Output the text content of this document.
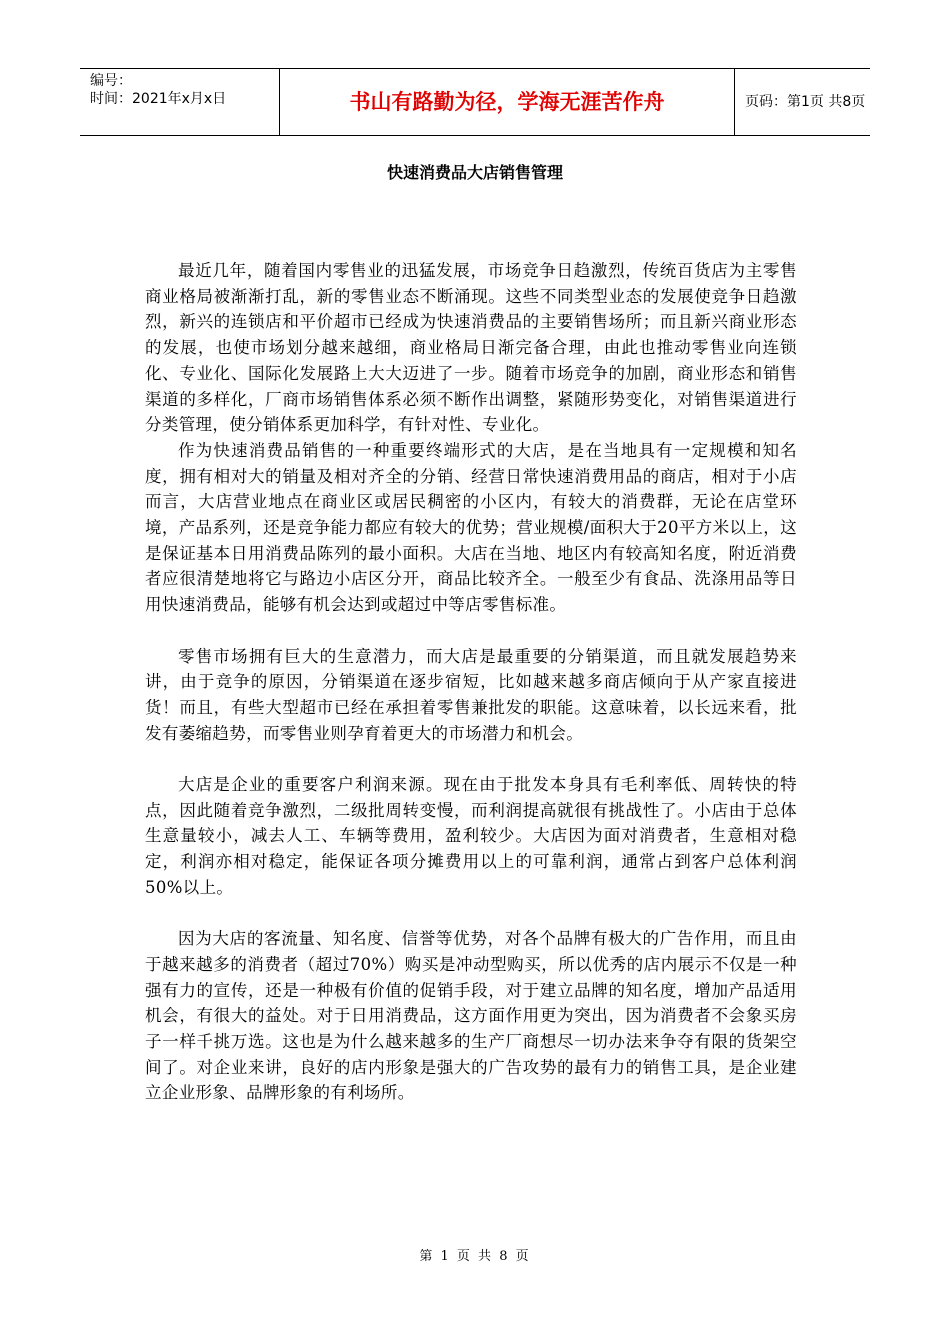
编号：
时间：2021年x月x日	书山有路勤为径，学海无涯苦作舟	页码：第1页 共8页
快速消费品大店销售管理

最近几年，随着国内零售业的迅猛发展，市场竞争日趋激烈，传统百货店为主零售商业格局被渐渐打乱，新的零售业态不断涌现。这些不同类型业态的发展使竞争日趋激烈，新兴的连锁店和平价超市已经成为快速消费品的主要销售场所；而且新兴商业形态的发展，也使市场划分越来越细，商业格局日渐完备合理，由此也推动零售业向连锁化、专业化、国际化发展路上大大迈进了一步。随着市场竞争的加剧，商业形态和销售渠道的多样化，厂商市场销售体系必须不断作出调整，紧随形势变化，对销售渠道进行分类管理，使分销体系更加科学，有针对性、专业化。

作为快速消费品销售的一种重要终端形式的大店，是在当地具有一定规模和知名度，拥有相对大的销量及相对齐全的分销、经营日常快速消费用品的商店，相对于小店而言，大店营业地点在商业区或居民稠密的小区内，有较大的消费群，无论在店堂环境，产品系列，还是竞争能力都应有较大的优势；营业规模/面积大于20平方米以上，这是保证基本日用消费品陈列的最小面积。大店在当地、地区内有较高知名度，附近消费者应很清楚地将它与路边小店区分开，商品比较齐全。一般至少有食品、洗涤用品等日用快速消费品，能够有机会达到或超过中等店零售标准。

零售市场拥有巨大的生意潜力，而大店是最重要的分销渠道，而且就发展趋势来讲，由于竞争的原因，分销渠道在逐步宿短，比如越来越多商店倾向于从产家直接进货！而且，有些大型超市已经在承担着零售兼批发的职能。这意味着，以长远来看，批发有萎缩趋势，而零售业则孕育着更大的市场潜力和机会。

大店是企业的重要客户利润来源。现在由于批发本身具有毛利率低、周转快的特点，因此随着竞争激烈，二级批周转变慢，而利润提高就很有挑战性了。小店由于总体生意量较小，减去人工、车辆等费用，盈利较少。大店因为面对消费者，生意相对稳定，利润亦相对稳定，能保证各项分摊费用以上的可靠利润，通常占到客户总体利润50%以上。

因为大店的客流量、知名度、信誉等优势，对各个品牌有极大的广告作用，而且由于越来越多的消费者（超过70%）购买是冲动型购买，所以优秀的店内展示不仅是一种强有力的宣传，还是一种极有价值的促销手段，对于建立品牌的知名度，增加产品适用机会，有很大的益处。对于日用消费品，这方面作用更为突出，因为消费者不会象买房子一样千挑万选。这也是为什么越来越多的生产厂商想尽一切办法来争夺有限的货架空间了。对企业来讲，良好的店内形象是强大的广告攻势的最有力的销售工具，是企业建立企业形象、品牌形象的有利场所。

第 1 页 共 8 页
